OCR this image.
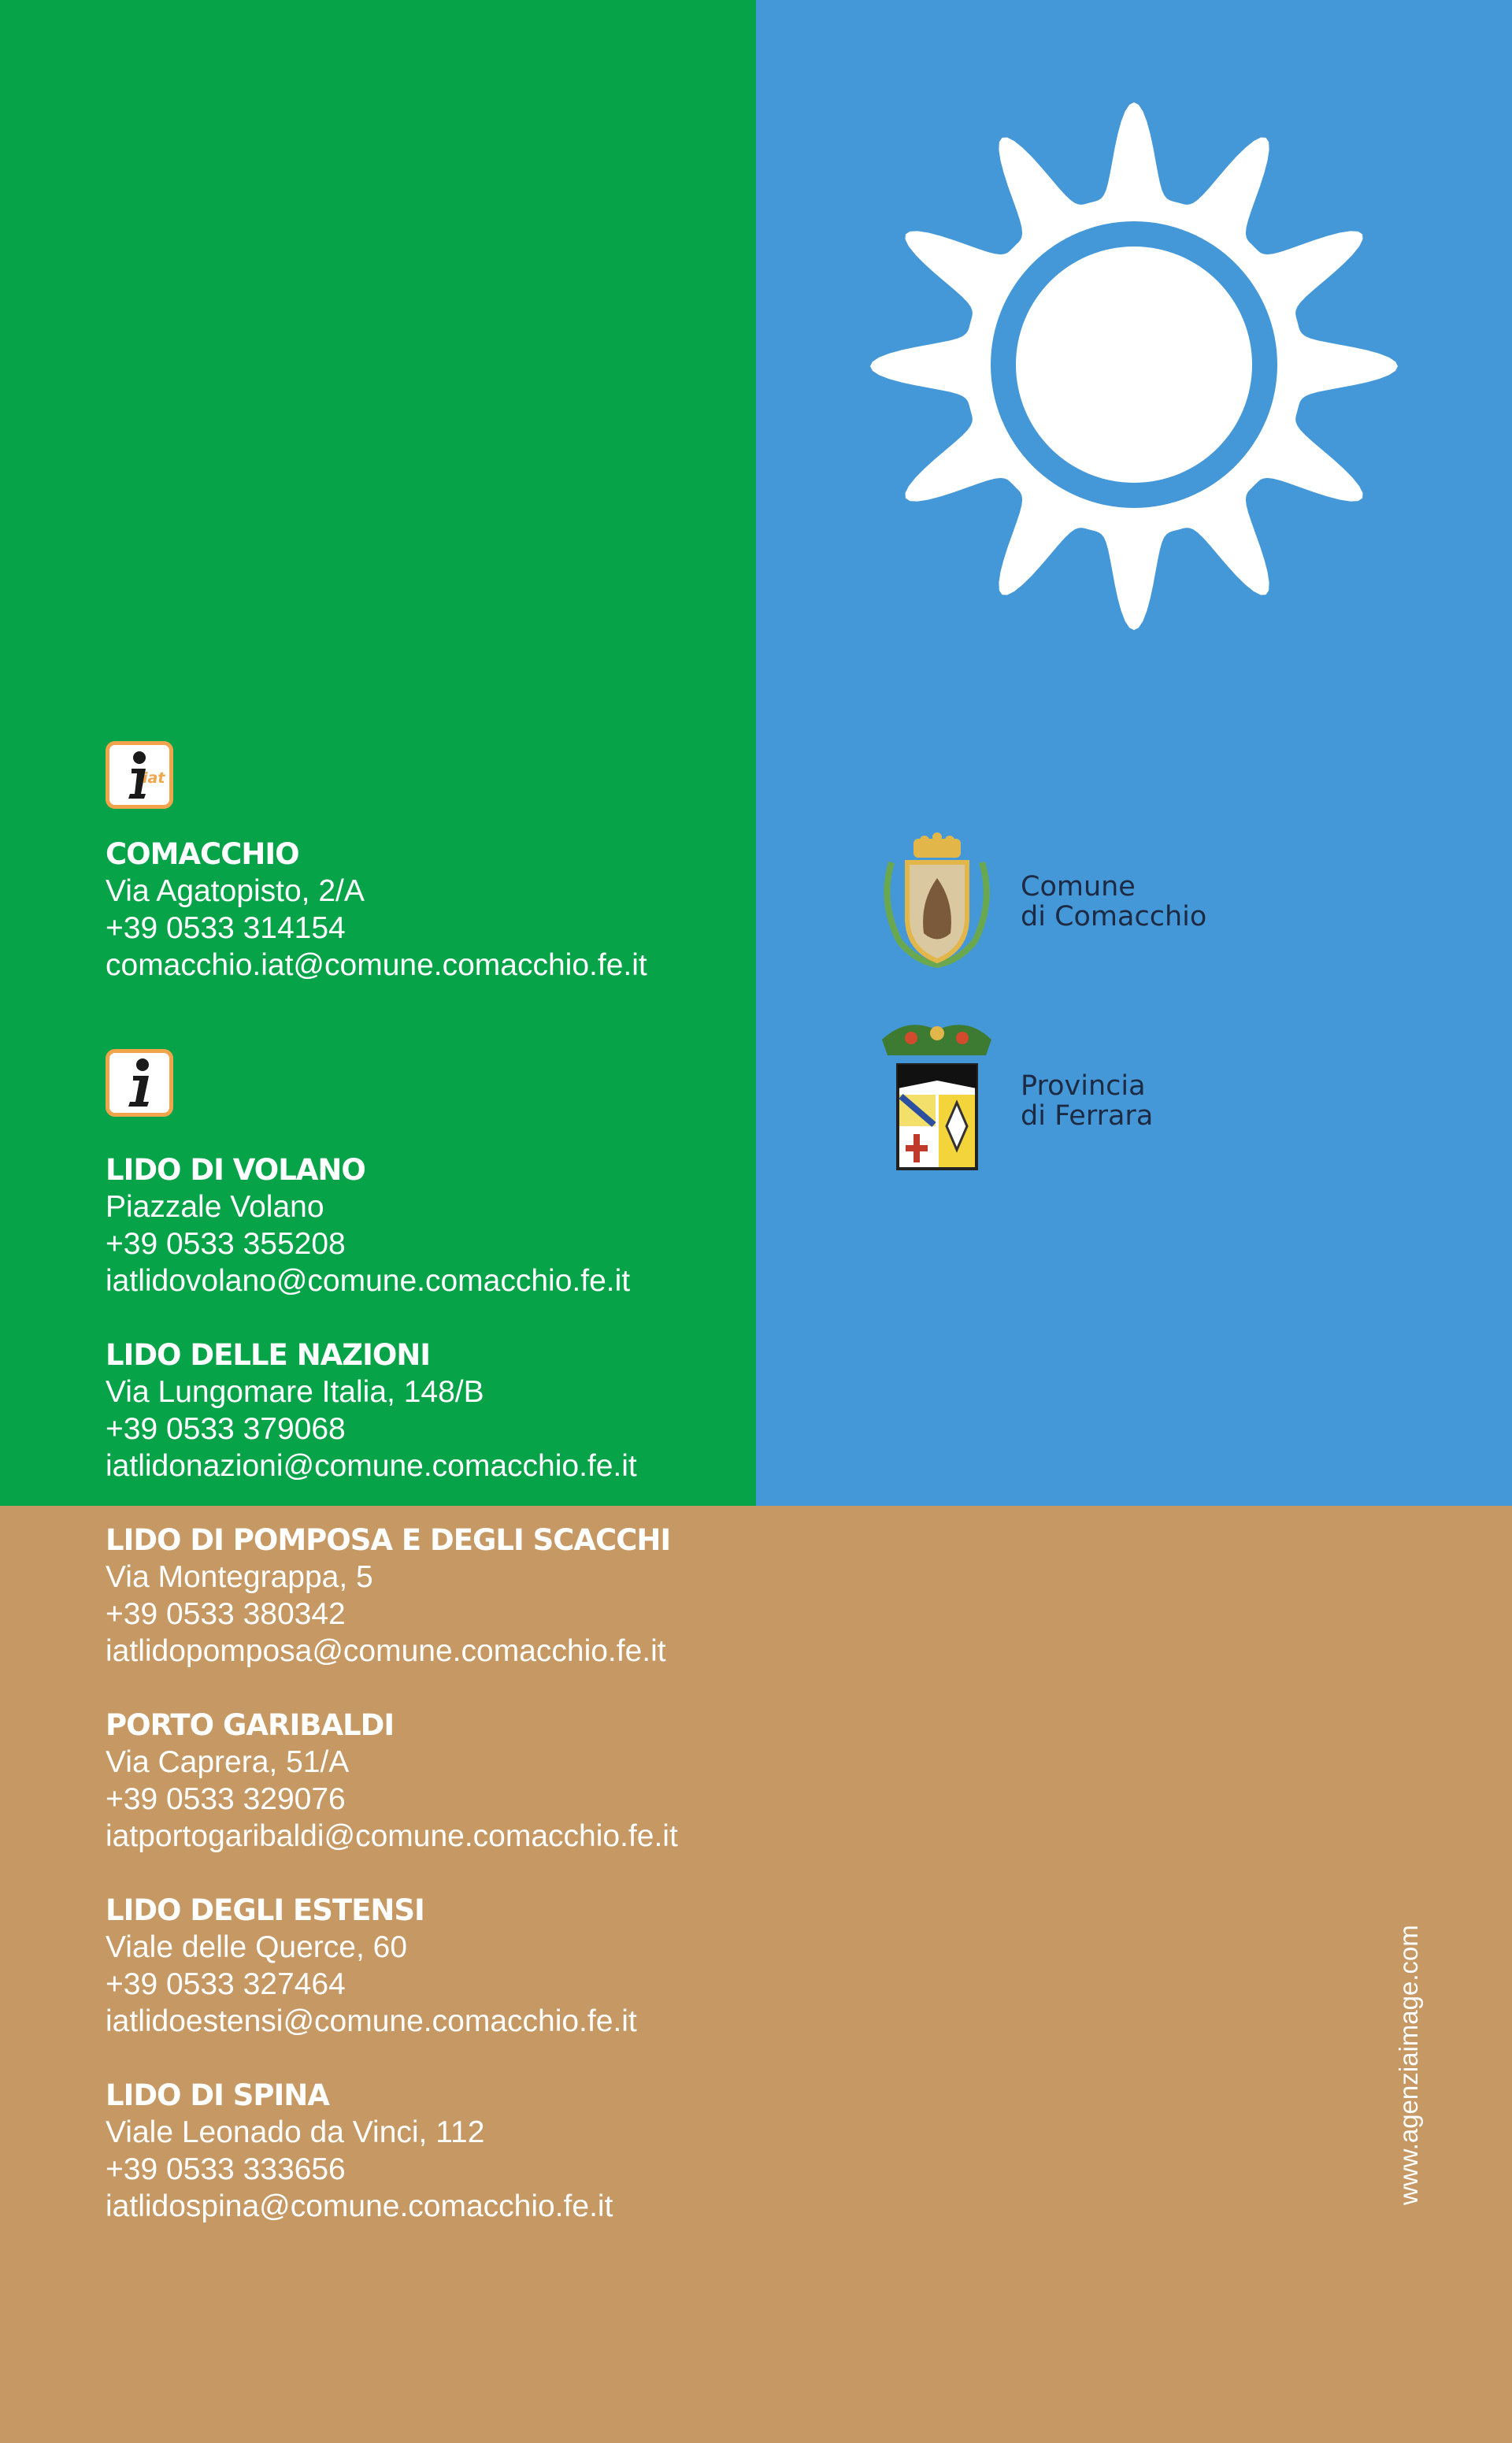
iat
COMACCHIO
Via Agatopisto, 2/A
+39 0533 314154
comacchio.iat@comune.comacchio.fe.it
LIDO DI VOLANO
Piazzale Volano
+39 0533 355208
iatlidovolano@comune.comacchio.fe.it
LIDO DELLE NAZIONI
Via Lungomare Italia, 148/B
+39 0533 379068
iatlidonazioni@comune.comacchio.fe.it
LIDO DI POMPOSA E DEGLI SCACCHI
Via Montegrappa, 5
+39 0533 380342
iatlidopomposa@comune.comacchio.fe.it
PORTO GARIBALDI
Via Caprera, 51/A
+39 0533 329076
iatportogaribaldi@comune.comacchio.fe.it
LIDO DEGLI ESTENSI
Viale delle Querce, 60
+39 0533 327464
iatlidoestensi@comune.comacchio.fe.it
LIDO DI SPINA
Viale Leonado da Vinci, 112
+39 0533 333656
iatlidospina@comune.comacchio.fe.it
Comune
di Comacchio
Provincia
di Ferrara
www.agenziaimage.com
